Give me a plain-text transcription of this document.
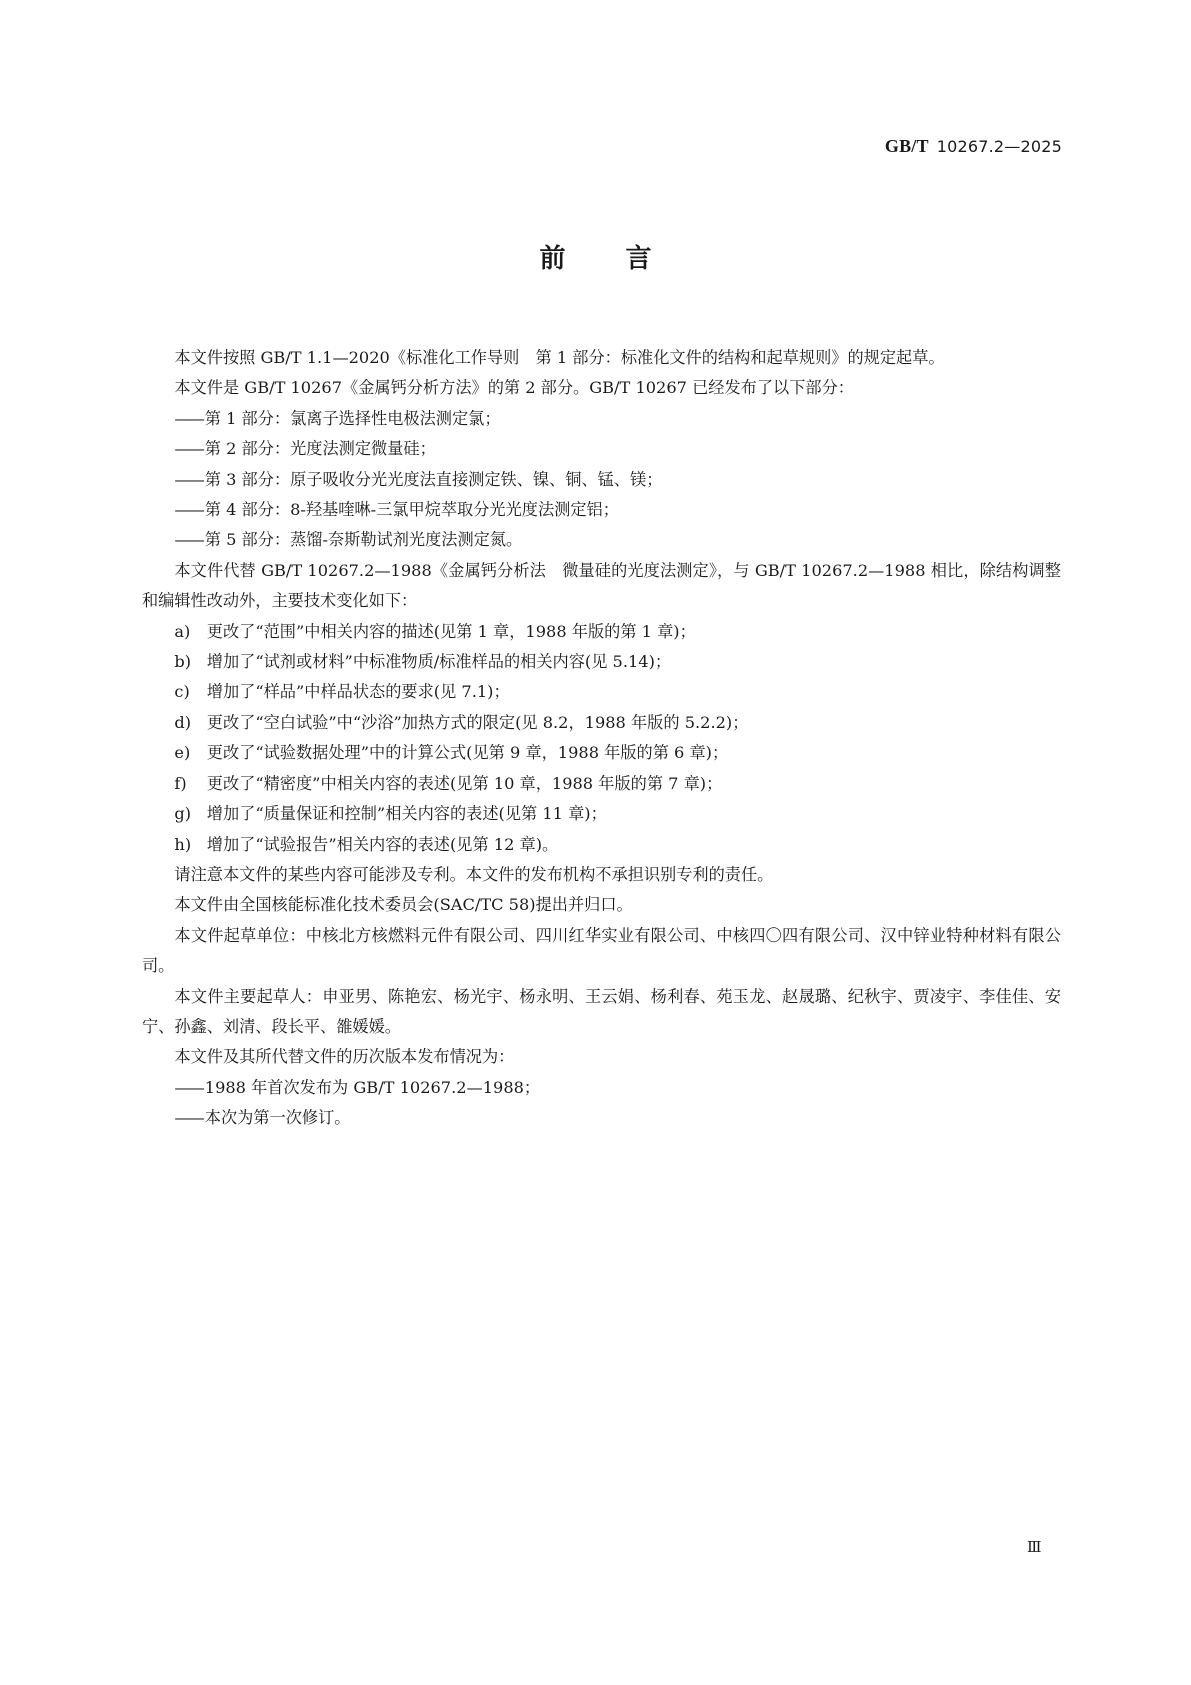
GB/T 10267.2—2025
前言

本文件按照 GB/T 1.1—2020《标准化工作导则　第 1 部分：标准化文件的结构和起草规则》的规定起草。

本文件是 GB/T 10267《金属钙分析方法》的第 2 部分。GB/T 10267 已经发布了以下部分：

—— 第 1 部分：氯离子选择性电极法测定氯；

—— 第 2 部分：光度法测定微量硅；

—— 第 3 部分：原子吸收分光光度法直接测定铁、镍、铜、锰、镁；

—— 第 4 部分：8-羟基喹啉-三氯甲烷萃取分光光度法测定铝；

—— 第 5 部分：蒸馏-奈斯勒试剂光度法测定氮。

本文件代替 GB/T 10267.2—1988《金属钙分析法　微量硅的光度法测定》，与 GB/T 10267.2—1988 相比，除结构调整和编辑性改动外，主要技术变化如下：

a)	更改了“范围”中相关内容的描述(见第 1 章，1988 年版的第 1 章)；
b) 增加了“试剂或材料”中标准物质/标准样品的相关内容(见 5.14)；
c)	增加了“样品”中样品状态的要求(见 7.1)；
d) 更改了“空白试验”中“沙浴”加热方式的限定(见 8.2，1988 年版的 5.2.2)；
e)	更改了“试验数据处理”中的计算公式(见第 9 章，1988 年版的第 6 章)；
f)	更改了“精密度”中相关内容的表述(见第 10 章，1988 年版的第 7 章)；
g) 增加了“质量保证和控制”相关内容的表述(见第 11 章)；
h) 增加了“试验报告”相关内容的表述(见第 12 章)。

请注意本文件的某些内容可能涉及专利。本文件的发布机构不承担识别专利的责任。

本文件由全国核能标准化技术委员会(SAC/TC 58)提出并归口。

本文件起草单位：中核北方核燃料元件有限公司、四川红华实业有限公司、中核四〇四有限公司、汉中锌业特种材料有限公司。

本文件主要起草人：申亚男、陈艳宏、杨光宇、杨永明、王云娟、杨利春、苑玉龙、赵晟璐、纪秋宇、贾凌宇、李佳佳、安宁、孙鑫、刘清、段长平、雒媛媛。

本文件及其所代替文件的历次版本发布情况为：

—— 1988 年首次发布为 GB/T 10267.2—1988；

—— 本次为第一次修订。

Ⅲ
